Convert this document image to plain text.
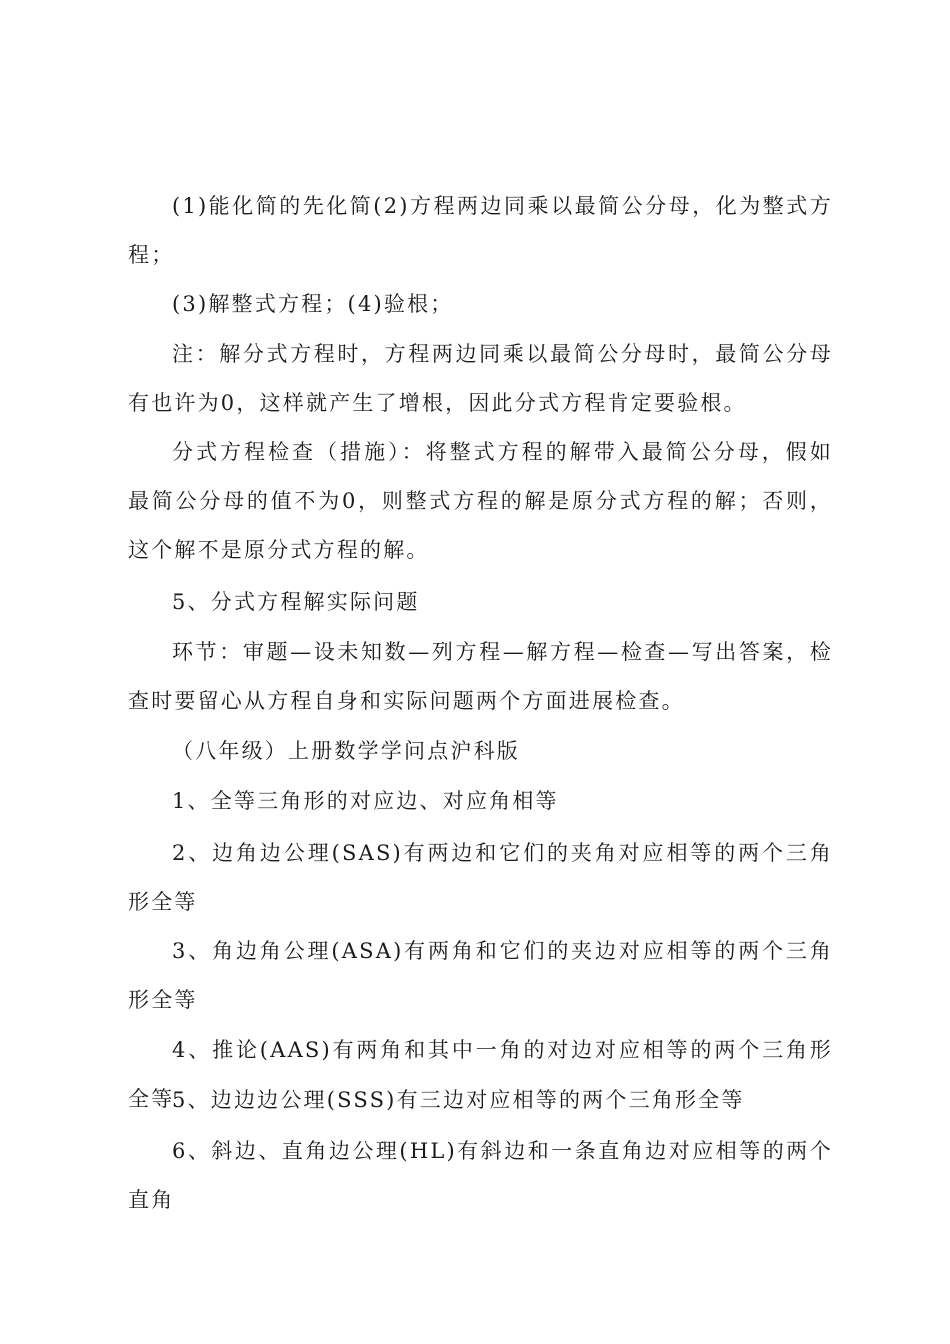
(1)能化简的先化简(2)方程两边同乘以最简公分母，化为整式方程；

(3)解整式方程；(4)验根；

注：解分式方程时，方程两边同乘以最简公分母时，最简公分母有也许为0，这样就产生了增根，因此分式方程肯定要验根。

分式方程检查（措施）：将整式方程的解带入最简公分母，假如最简公分母的值不为0，则整式方程的解是原分式方程的解；否则，这个解不是原分式方程的解。

5、分式方程解实际问题

环节：审题—设未知数—列方程—解方程—检查—写出答案，检查时要留心从方程自身和实际问题两个方面进展检查。

（八年级）上册数学学问点沪科版

1、全等三角形的对应边、对应角相等

2、边角边公理(SAS)有两边和它们的夹角对应相等的两个三角形全等

3、角边角公理(ASA)有两角和它们的夹边对应相等的两个三角形全等

4、推论(AAS)有两角和其中一角的对边对应相等的两个三角形全等

5、边边边公理(SSS)有三边对应相等的两个三角形全等

6、斜边、直角边公理(HL)有斜边和一条直角边对应相等的两个直角
